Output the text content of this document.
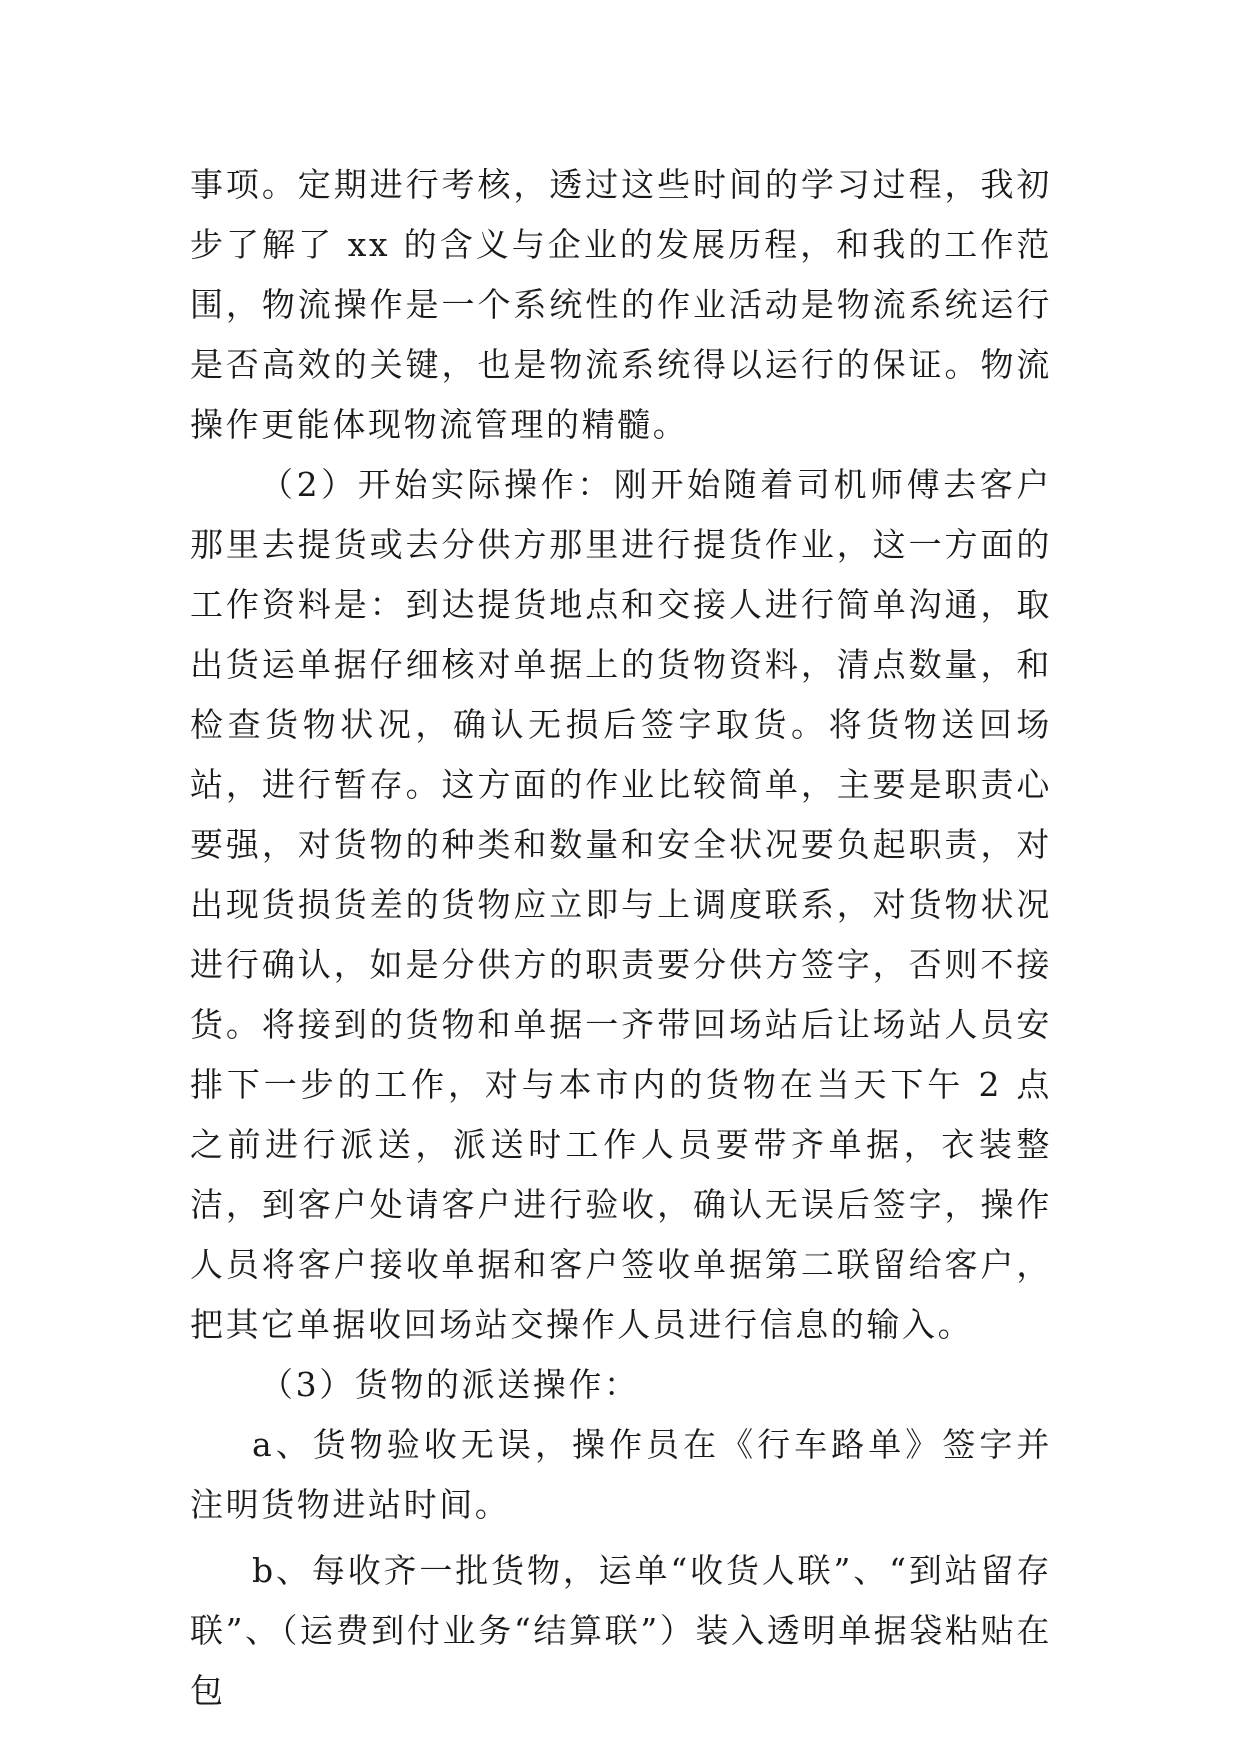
事项。定期进行考核，透过这些时间的学习过程，我初步了解了 xx 的含义与企业的发展历程，和我的工作范围，物流操作是一个系统性的作业活动是物流系统运行是否高效的关键，也是物流系统得以运行的保证。物流操作更能体现物流管理的精髓。

（2）开始实际操作：刚开始随着司机师傅去客户那里去提货或去分供方那里进行提货作业，这一方面的工作资料是：到达提货地点和交接人进行简单沟通，取出货运单据仔细核对单据上的货物资料，清点数量，和检查货物状况，确认无损后签字取货。将货物送回场站，进行暂存。这方面的作业比较简单，主要是职责心要强，对货物的种类和数量和安全状况要负起职责，对出现货损货差的货物应立即与上调度联系，对货物状况进行确认，如是分供方的职责要分供方签字，否则不接货。将接到的货物和单据一齐带回场站后让场站人员安排下一步的工作，对与本市内的货物在当天下午 2 点之前进行派送，派送时工作人员要带齐单据，衣装整洁，到客户处请客户进行验收，确认无误后签字，操作人员将客户接收单据和客户签收单据第二联留给客户，把其它单据收回场站交操作人员进行信息的输入。

（3）货物的派送操作：

a、货物验收无误，操作员在《行车路单》签字并注明货物进站时间。

b、每收齐一批货物，运单“收货人联”、“到站留存联”、（运费到付业务“结算联”）装入透明单据袋粘贴在包
